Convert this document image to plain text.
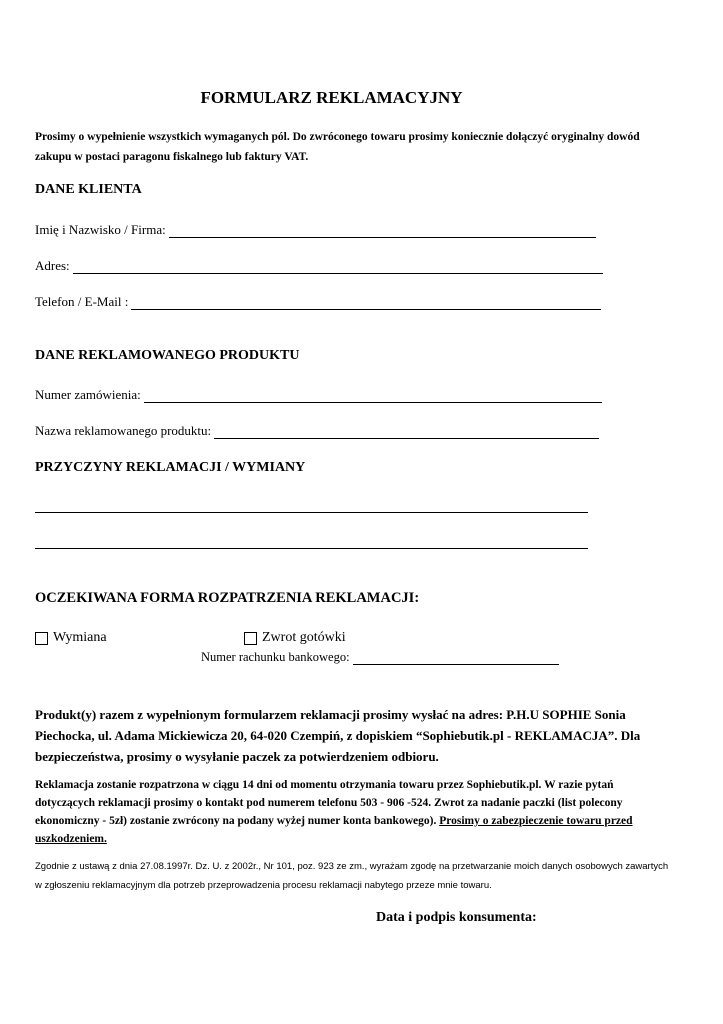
FORMULARZ REKLAMACYJNY
Prosimy o wypełnienie wszystkich wymaganych pól. Do zwróconego towaru prosimy koniecznie dołączyć oryginalny dowód zakupu w postaci paragonu fiskalnego lub faktury VAT.
DANE KLIENTA
Imię i Nazwisko / Firma:
Adres:
Telefon / E-Mail :
DANE REKLAMOWANEGO PRODUKTU
Numer zamówienia:
Nazwa reklamowanego produktu:
PRZYCZYNY REKLAMACJI / WYMIANY
OCZEKIWANA FORMA ROZPATRZENIA REKLAMACJI:
Wymiana	Zwrot gotówki
Numer rachunku bankowego:
Produkt(y) razem z wypełnionym formularzem reklamacji prosimy wysłać na adres: P.H.U SOPHIE Sonia Piechocka, ul. Adama Mickiewicza 20, 64-020 Czempiń, z dopiskiem “Sophiebutik.pl - REKLAMACJA”. Dla bezpieczeństwa, prosimy o wysyłanie paczek za potwierdzeniem odbioru.
Reklamacja zostanie rozpatrzona w ciągu 14 dni od momentu otrzymania towaru przez Sophiebutik.pl. W razie pytań dotyczących reklamacji prosimy o kontakt pod numerem telefonu 503 - 906 -524. Zwrot za nadanie paczki (list polecony ekonomiczny - 5zł) zostanie zwrócony na podany wyżej numer konta bankowego). Prosimy o zabezpieczenie towaru przed uszkodzeniem.
Zgodnie z ustawą z dnia 27.08.1997r. Dz. U. z 2002r., Nr 101, poz. 923 ze zm., wyrażam zgodę na przetwarzanie moich danych osobowych zawartych w zgłoszeniu reklamacyjnym dla potrzeb przeprowadzenia procesu reklamacji nabytego przeze mnie towaru.
Data i podpis konsumenta:
